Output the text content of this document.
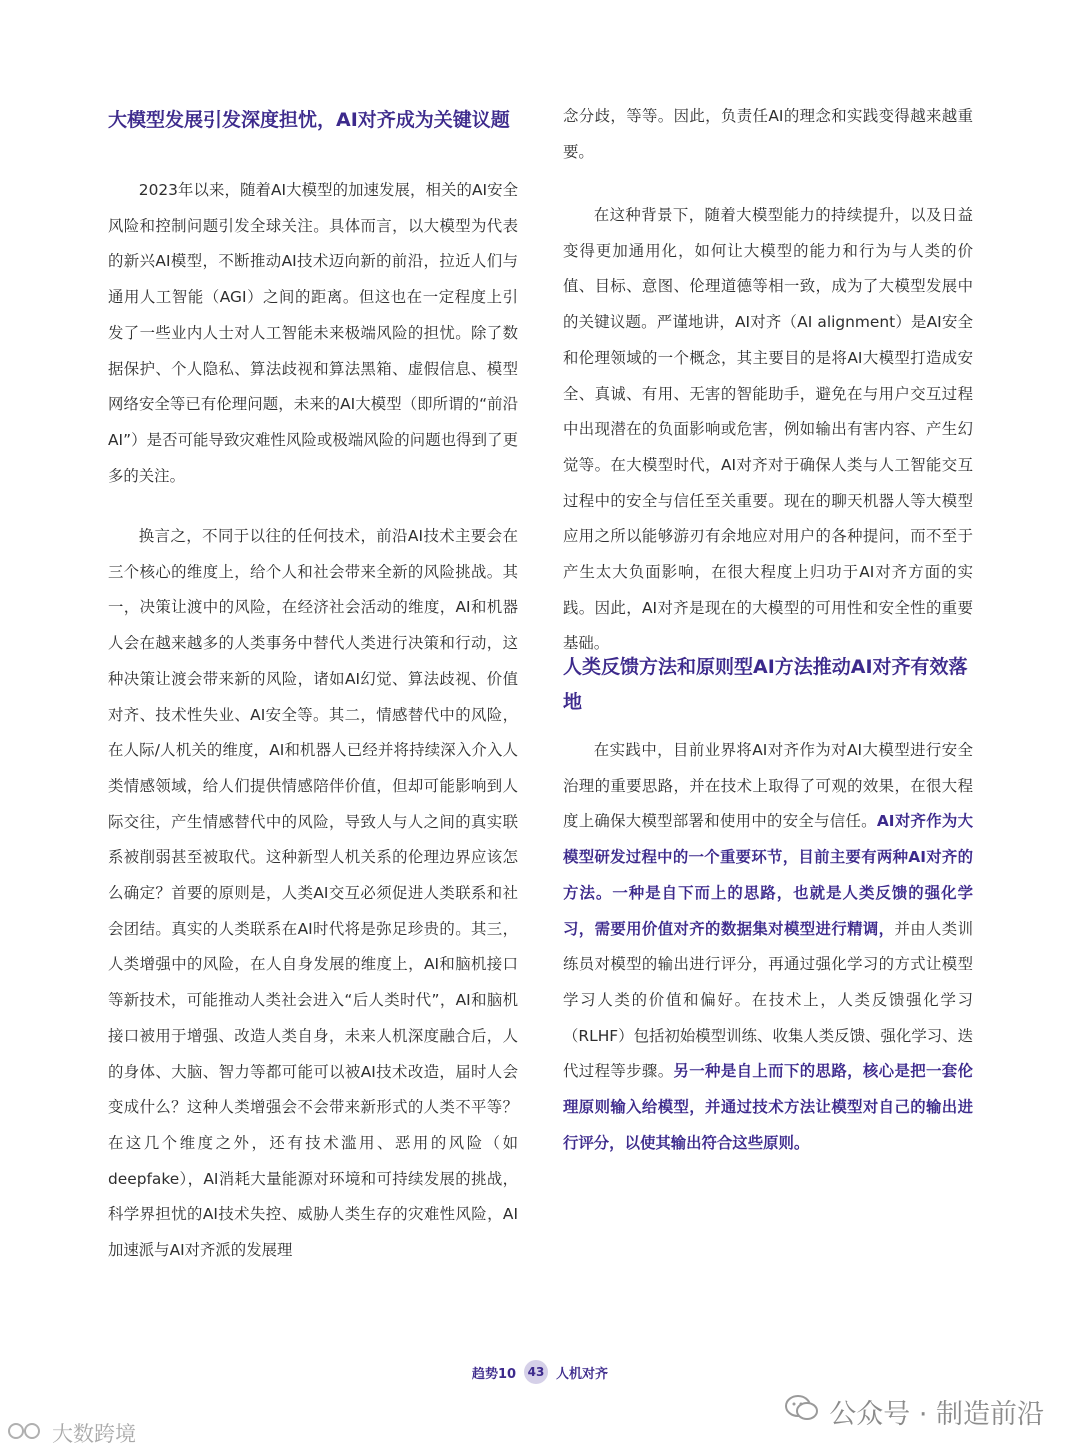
大模型发展引发深度担忧，AI对齐成为关键议题

2023年以来，随着AI大模型的加速发展，相关的AI安全风险和控制问题引发全球关注。具体而言，以大模型为代表的新兴AI模型，不断推动AI技术迈向新的前沿，拉近人们与通用人工智能（AGI）之间的距离。但这也在一定程度上引发了一些业内人士对人工智能未来极端风险的担忧。除了数据保护、个人隐私、算法歧视和算法黑箱、虚假信息、模型网络安全等已有伦理问题，未来的AI大模型（即所谓的“前沿AI”）是否可能导致灾难性风险或极端风险的问题也得到了更多的关注。

换言之，不同于以往的任何技术，前沿AI技术主要会在三个核心的维度上，给个人和社会带来全新的风险挑战。其一，决策让渡中的风险，在经济社会活动的维度，AI和机器人会在越来越多的人类事务中替代人类进行决策和行动，这种决策让渡会带来新的风险，诸如AI幻觉、算法歧视、价值对齐、技术性失业、AI安全等。其二，情感替代中的风险，在人际/人机关的维度，AI和机器人已经并将持续深入介入人类情感领域，给人们提供情感陪伴价值，但却可能影响到人际交往，产生情感替代中的风险，导致人与人之间的真实联系被削弱甚至被取代。这种新型人机关系的伦理边界应该怎么确定？首要的原则是，人类AI交互必须促进人类联系和社会团结。真实的人类联系在AI时代将是弥足珍贵的。其三，人类增强中的风险，在人自身发展的维度上，AI和脑机接口等新技术，可能推动人类社会进入“后人类时代”，AI和脑机接口被用于增强、改造人类自身，未来人机深度融合后，人的身体、大脑、智力等都可能可以被AI技术改造，届时人会变成什么？这种人类增强会不会带来新形式的人类不平等？在这几个维度之外，还有技术滥用、恶用的风险（如deepfake），AI消耗大量能源对环境和可持续发展的挑战，科学界担忧的AI技术失控、威胁人类生存的灾难性风险，AI加速派与AI对齐派的发展理

念分歧，等等。因此，负责任AI的理念和实践变得越来越重要。

在这种背景下，随着大模型能力的持续提升，以及日益变得更加通用化，如何让大模型的能力和行为与人类的价值、目标、意图、伦理道德等相一致，成为了大模型发展中的关键议题。严谨地讲，AI对齐（AI alignment）是AI安全和伦理领域的一个概念，其主要目的是将AI大模型打造成安全、真诚、有用、无害的智能助手，避免在与用户交互过程中出现潜在的负面影响或危害，例如输出有害内容、产生幻觉等。在大模型时代，AI对齐对于确保人类与人工智能交互过程中的安全与信任至关重要。现在的聊天机器人等大模型应用之所以能够游刃有余地应对用户的各种提问，而不至于产生太大负面影响，在很大程度上归功于AI对齐方面的实践。因此，AI对齐是现在的大模型的可用性和安全性的重要基础。

人类反馈方法和原则型AI方法推动AI对齐有效落地

在实践中，目前业界将AI对齐作为对AI大模型进行安全治理的重要思路，并在技术上取得了可观的效果，在很大程度上确保大模型部署和使用中的安全与信任。AI对齐作为大模型研发过程中的一个重要环节，目前主要有两种AI对齐的方法。一种是自下而上的思路，也就是人类反馈的强化学习，需要用价值对齐的数据集对模型进行精调，并由人类训练员对模型的输出进行评分，再通过强化学习的方式让模型学习人类的价值和偏好。在技术上，人类反馈强化学习（RLHF）包括初始模型训练、收集人类反馈、强化学习、迭代过程等步骤。另一种是自上而下的思路，核心是把一套伦理原则输入给模型，并通过技术方法让模型对自己的输出进行评分，以使其输出符合这些原则。

趋势10 43 人机对齐
公众号 · 制造前沿
大数跨境
